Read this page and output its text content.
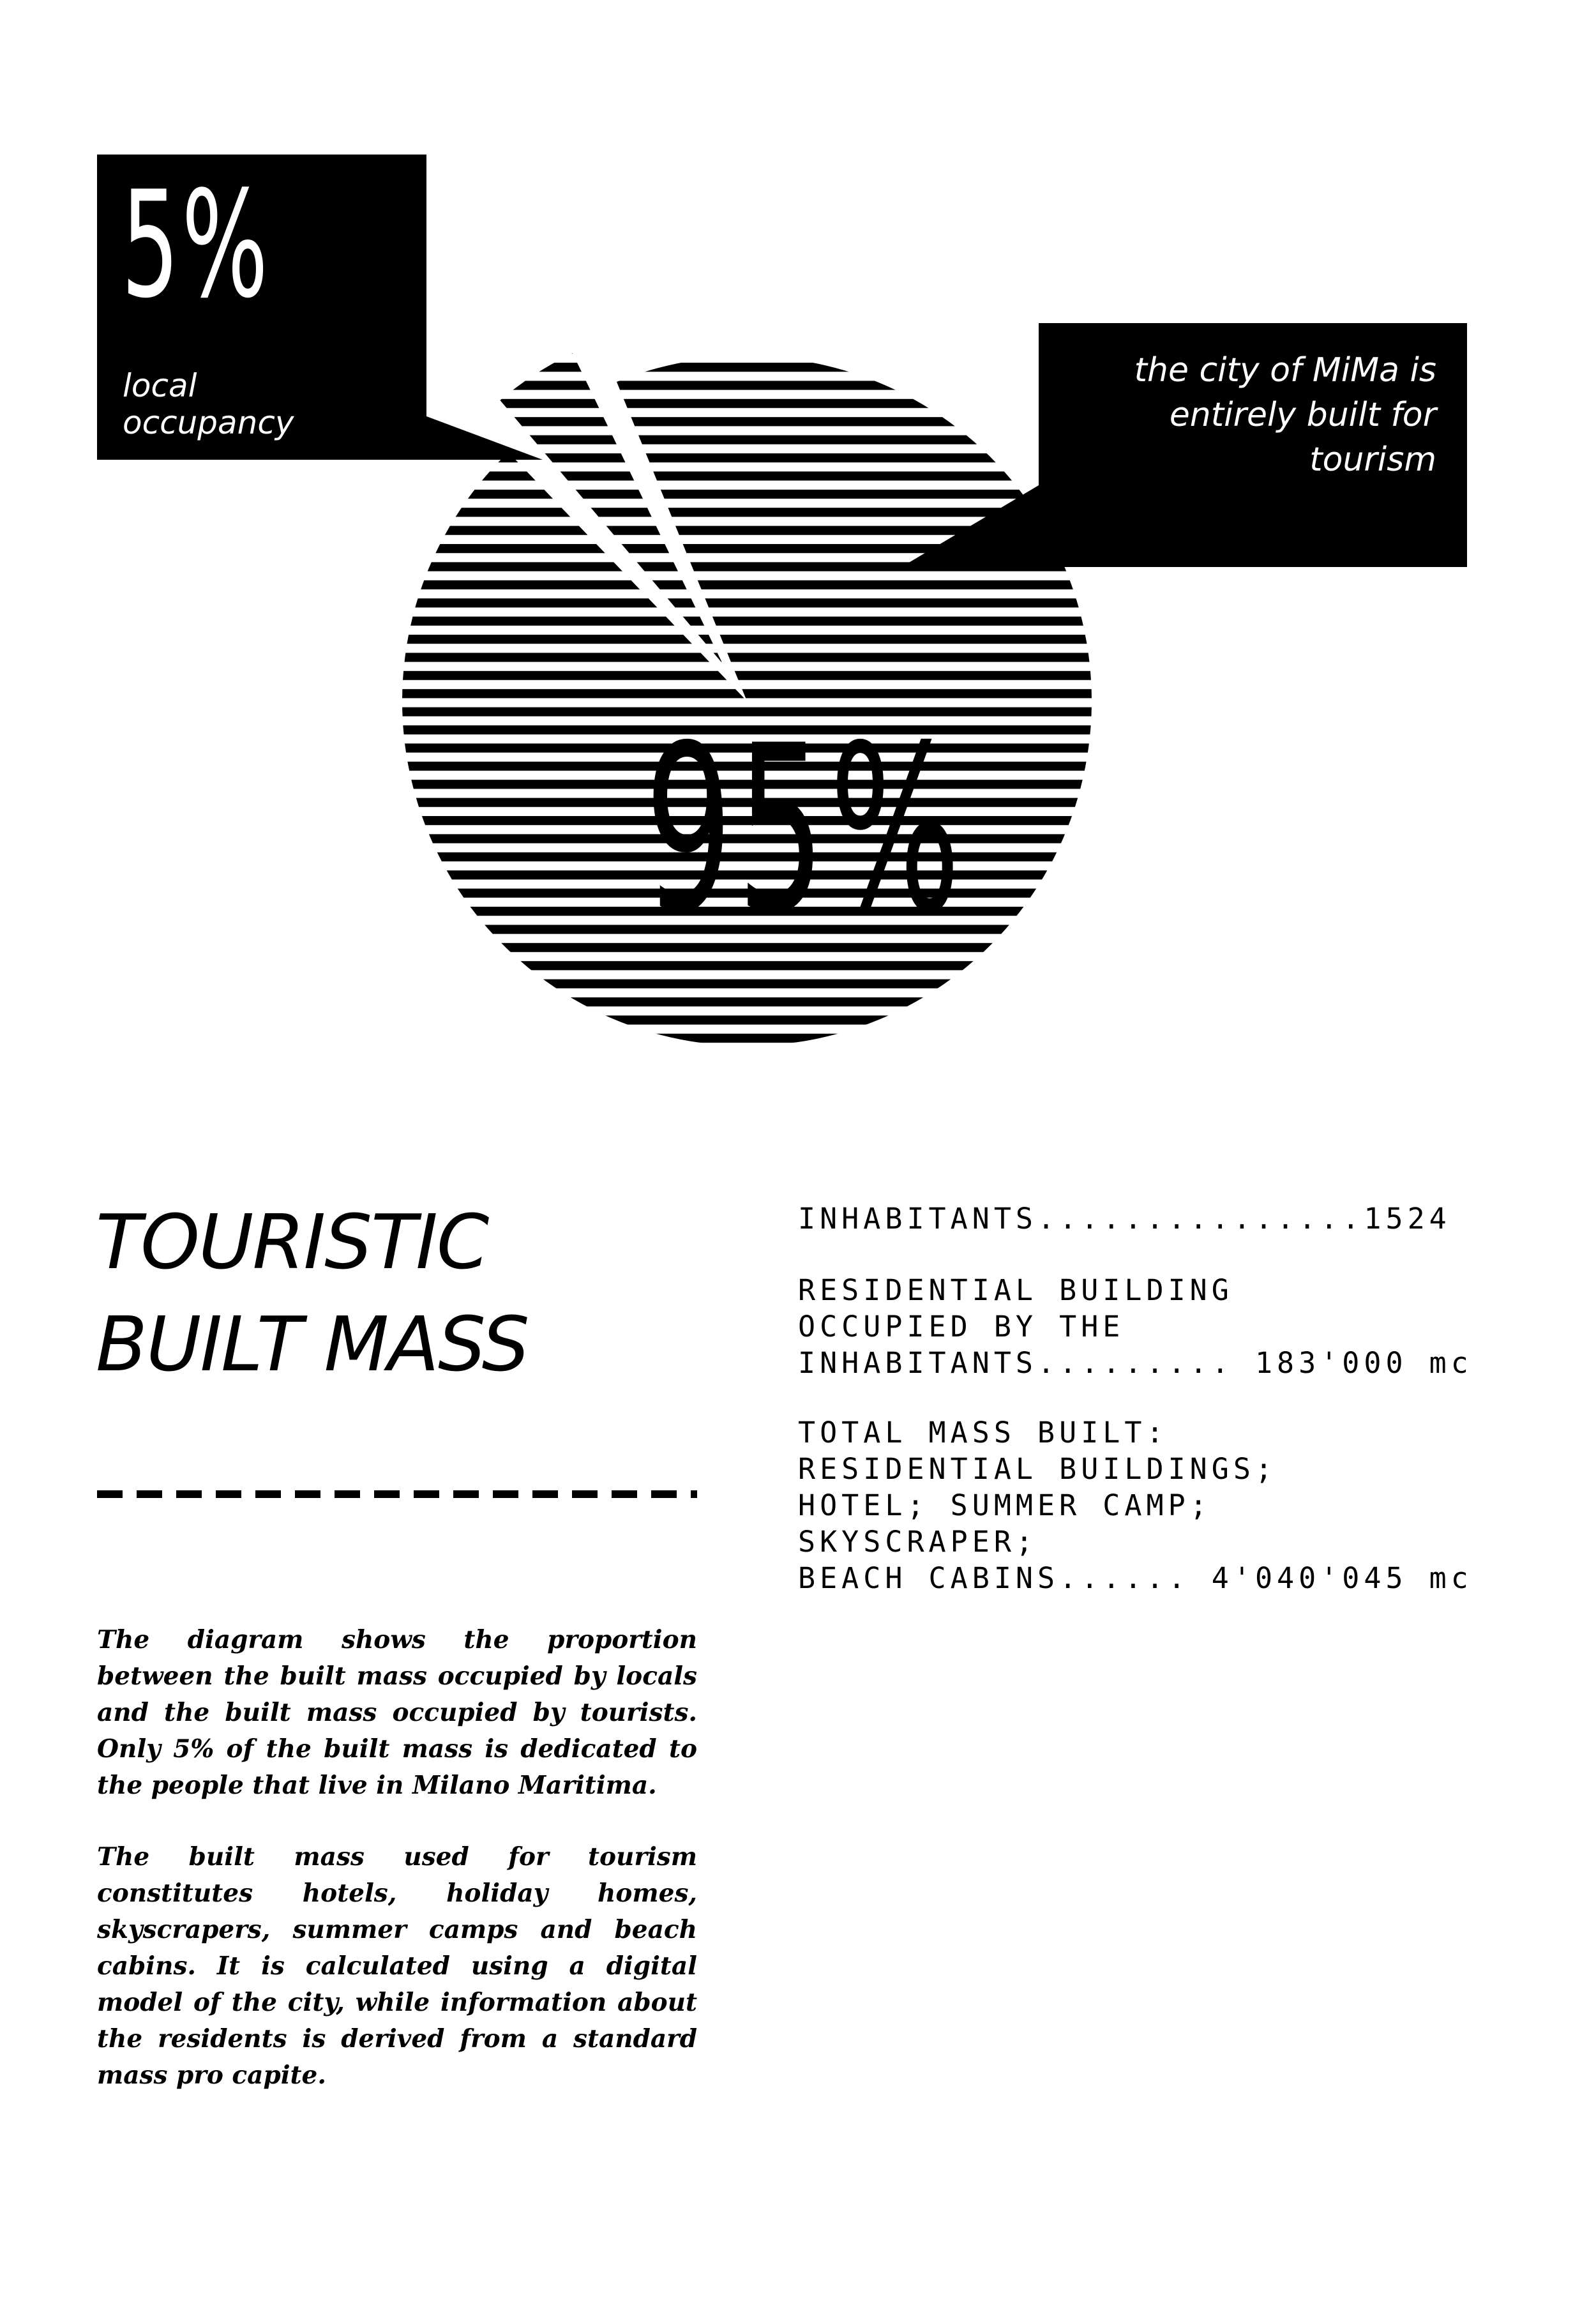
5%
local occupancy
the city of MiMa is entirely built for tourism
95%
TOURISTIC
BUILT MASS
The diagram shows the proportion between the built mass occupied by locals and the built mass occupied by tourists. Only 5% of the built mass is dedicated to the people that live in Milano Maritima.
The built mass used for tourism constitutes hotels, holiday homes, skyscrapers, summer camps and beach cabins. It is calculated using a digital model of the city, while information about the residents is derived from a standard mass pro capite.
INHABITANTS...............1524
RESIDENTIAL BUILDING
OCCUPIED BY THE
INHABITANTS......... 183'000 mc
TOTAL MASS BUILT:
RESIDENTIAL BUILDINGS;
HOTEL; SUMMER CAMP;
SKYSCRAPER;
BEACH CABINS...... 4'040'045 mc
